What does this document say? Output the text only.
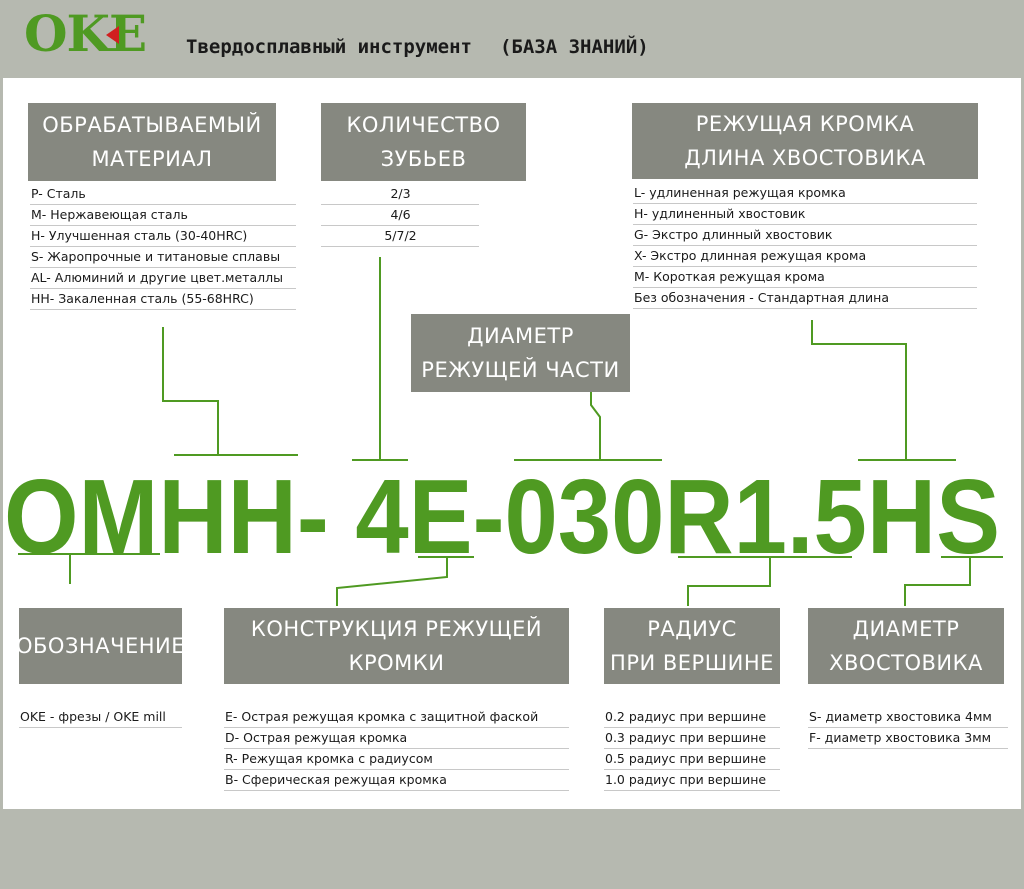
OKE Твердосплавный инструмент (БАЗА ЗНАНИЙ)
ОБРАБАТЫВАЕМЫЙ
МАТЕРИАЛ
P- Сталь
M- Нержавеющая сталь
H- Улучшенная сталь (30-40HRC)
S- Жаропрочные и титановые сплавы
AL- Алюминий и другие цвет.металлы
HH- Закаленная сталь (55-68HRC)
КОЛИЧЕСТВО
ЗУБЬЕВ
2/3
4/6
5/7/2
РЕЖУЩАЯ КРОМКА
ДЛИНА ХВОСТОВИКА
L- удлиненная режущая кромка
H- удлиненный хвостовик
G- Экстро длинный хвостовик
X- Экстро длинная режущая крома
M- Короткая режущая крома
Без обозначения - Стандартная длина
ДИАМЕТР
РЕЖУЩЕЙ ЧАСТИ
OMHH- 4E-030R1.5HS
ОБОЗНАЧЕНИЕ
OKE - фрезы / OKE mill
КОНСТРУКЦИЯ РЕЖУЩЕЙ
КРОМКИ
E- Острая режущая кромка с защитной фаской
D- Острая режущая кромка
R- Режущая кромка с радиусом
B- Сферическая режущая кромка
РАДИУС
ПРИ ВЕРШИНЕ
0.2 радиус при вершине
0.3 радиус при вершине
0.5 радиус при вершине
1.0 радиус при вершине
ДИАМЕТР
ХВОСТОВИКА
S- диаметр хвостовика 4мм
F- диаметр хвостовика 3мм
